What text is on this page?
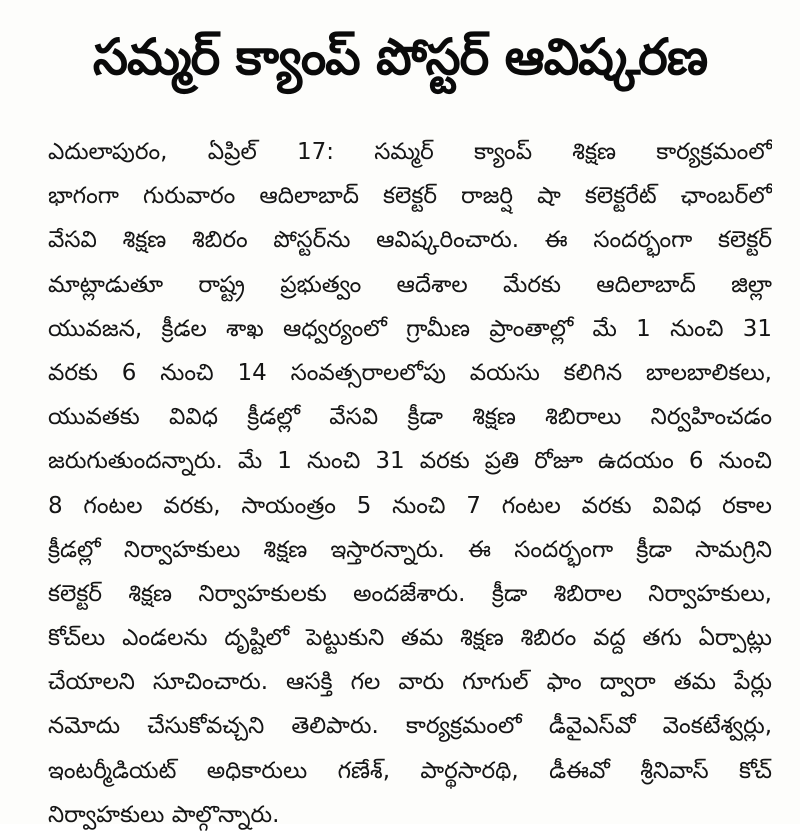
సమ్మర్ క్యాంప్ పోస్టర్ ఆవిష్కరణ
ఎదులాపురం, ఏప్రిల్ 17: సమ్మర్ క్యాంప్ శిక్షణ కార్యక్రమంలో
భాగంగా గురువారం ఆదిలాబాద్ కలెక్టర్ రాజర్షి షా కలెక్టరేట్ ఛాంబర్‌లో
వేసవి శిక్షణ శిబిరం పోస్టర్‌ను ఆవిష్కరించారు. ఈ సందర్భంగా కలెక్టర్
మాట్లాడుతూ రాష్ట్ర ప్రభుత్వం ఆదేశాల మేరకు ఆదిలాబాద్ జిల్లా
యువజన, క్రీడల శాఖ ఆధ్వర్యంలో గ్రామీణ ప్రాంతాల్లో మే 1 నుంచి 31
వరకు 6 నుంచి 14 సంవత్సరాలలోపు వయసు కలిగిన బాలబాలికలు,
యువతకు వివిధ క్రీడల్లో వేసవి క్రీడా శిక్షణ శిబిరాలు నిర్వహించడం
జరుగుతుందన్నారు. మే 1 నుంచి 31 వరకు ప్రతి రోజూ ఉదయం 6 నుంచి
8 గంటల వరకు, సాయంత్రం 5 నుంచి 7 గంటల వరకు వివిధ రకాల
క్రీడల్లో నిర్వాహకులు శిక్షణ ఇస్తారన్నారు. ఈ సందర్భంగా క్రీడా సామగ్రిని
కలెక్టర్ శిక్షణ నిర్వాహకులకు అందజేశారు. క్రీడా శిబిరాల నిర్వాహకులు,
కోచ్‌లు ఎండలను దృష్టిలో పెట్టుకుని తమ శిక్షణ శిబిరం వద్ద తగు ఏర్పాట్లు
చేయాలని సూచించారు. ఆసక్తి గల వారు గూగుల్ ఫాం ద్వారా తమ పేర్లు
నమోదు చేసుకోవచ్చని తెలిపారు. కార్యక్రమంలో డీవైఎస్‌వో వెంకటేశ్వర్లు,
ఇంటర్మీడియట్ అధికారులు గణేశ్, పార్థసారథి, డీఈవో శ్రీనివాస్ కోచ్
నిర్వాహకులు పాల్గొన్నారు.
